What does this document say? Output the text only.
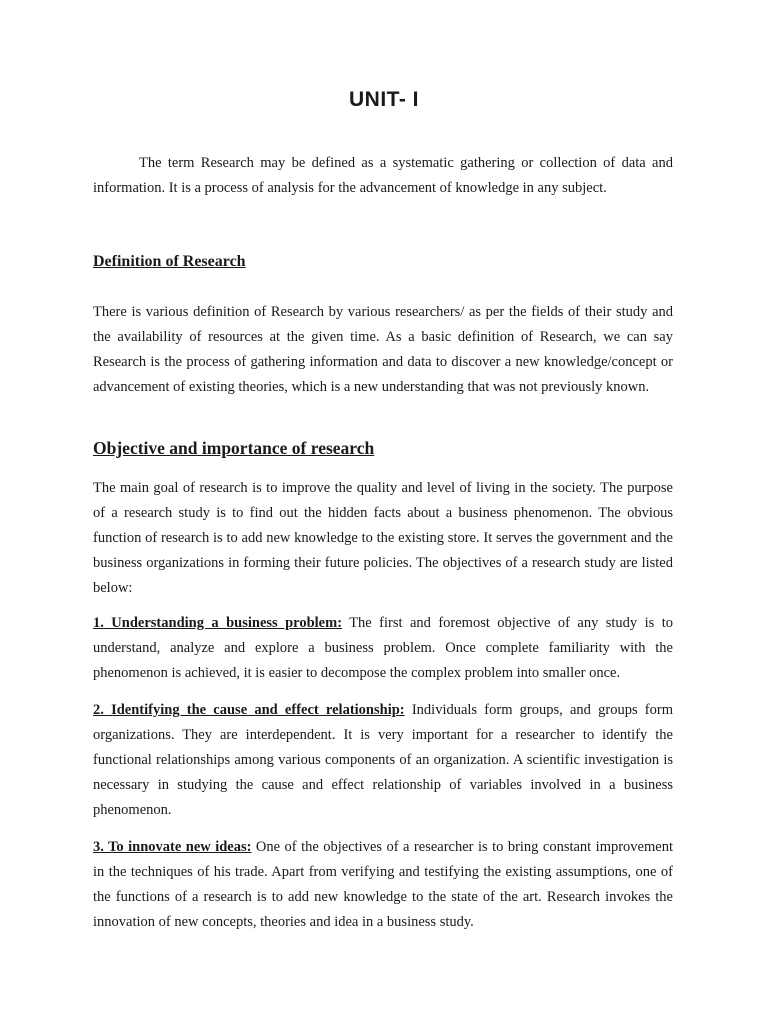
UNIT- I

The term Research may be defined as a systematic gathering or collection of data and information. It is a process of analysis for the advancement of knowledge in any subject.

Definition of Research

There is various definition of Research by various researchers/ as per the fields of their study and the availability of resources at the given time. As a basic definition of Research, we can say Research is the process of gathering information and data to discover a new knowledge/concept or advancement of existing theories, which is a new understanding that was not previously known.

Objective and importance of research

The main goal of research is to improve the quality and level of living in the society. The purpose of a research study is to find out the hidden facts about a business phenomenon. The obvious function of research is to add new knowledge to the existing store. It serves the government and the business organizations in forming their future policies. The objectives of a research study are listed below:

1. Understanding a business problem: The first and foremost objective of any study is to understand, analyze and explore a business problem. Once complete familiarity with the phenomenon is achieved, it is easier to decompose the complex problem into smaller once.

2. Identifying the cause and effect relationship: Individuals form groups, and groups form organizations. They are interdependent. It is very important for a researcher to identify the functional relationships among various components of an organization. A scientific investigation is necessary in studying the cause and effect relationship of variables involved in a business phenomenon.

3. To innovate new ideas: One of the objectives of a researcher is to bring constant improvement in the techniques of his trade. Apart from verifying and testifying the existing assumptions, one of the functions of a research is to add new knowledge to the state of the art. Research invokes the innovation of new concepts, theories and idea in a business study.
